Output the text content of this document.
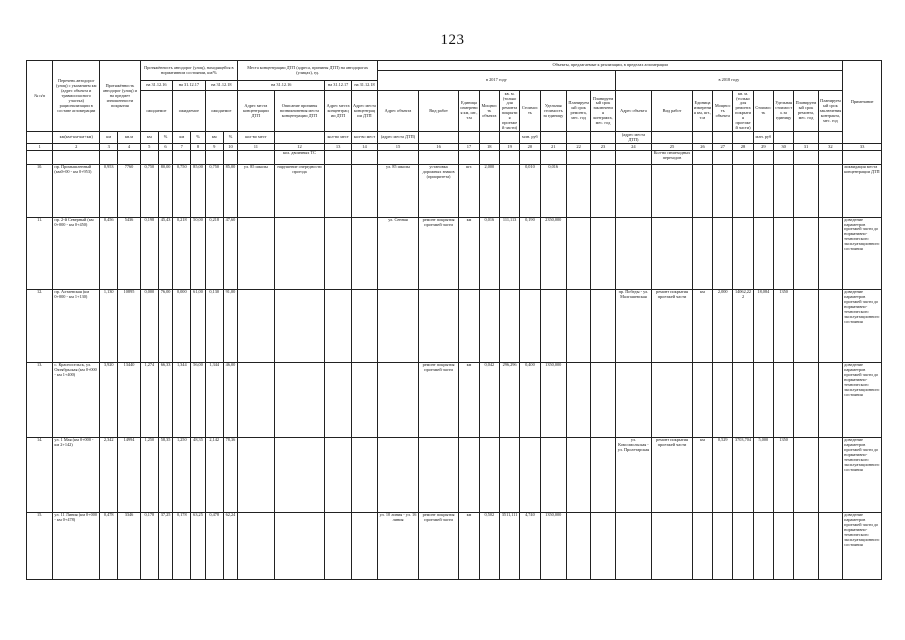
123
№ п/п	Перечень автодорог (улиц) с указанием км (адрес объекта и травмоопасного участка) рационализации в составе агломерации	Протяжённость автодорог (улиц) и на предмет изношенности покрытия		Протяжённость автодорог (улиц), находящейся в нормативном состоянии, км/%						Места концентрации ДТП (адреса, причины ДТП) на автодорогах (улицах), ед.				Объекты, предлагаемые к реализации, в пределах агломерации																		Примечание
														в 2017 году									в 2018 году									
				на 31.12.16		на 31.12.17		на 31.12.18		на 31.12.16		на 31.12.17	на 31.12.18																			
				ожидаемое		ожидаемое		ожидаемое		Адрес места концентрации ДТП	Описание причины возникновения места концентрации ДТП	Адрес места концентрации ДТП	Адрес места концентрации ДТП	Адрес объекта	Вид работ	Единица измерения км, шт., т.м	Мощность объекта	кв. м. (только для ремонта покрытия проезжей части)	Стоимость	Удельная стоимость за единицу	Планируемый срок ремонта, мес. год	Планируемый срок заключения контракта, мес. год	Адрес объекта	Вид работ	Единица измерения км, шт., т.м	Мощность объекта	кв. м. (только для ремонта покрытия проезжей части)	Стоимость	Удельная стоимость за единицу	Планируемый срок ремонта, мес. год	Планируемый срок заключения контракта, мес. год	
	км(км+км-км+км)	км	кв.м	км	%	км	%	км	%	кол-во мест		кол-во мест	кол-во мест	(адрес места ДТП)					млн. руб				(адрес места ДТП)					млн. руб				
1	2	3	4	5	6	7	8	9	10	11	12	13	14	15	16	17	18	19	20	21	22	23	24	25	26	27	28	29	30	31	32	33
											кол. двоичных ТС													Кол-во пешеходных переходов								
10.	пр. Промышленный (км0+00 - км 0+953)	0,953	7760	0,750	80,00	0,750	85,00	0,750	85,00	ул. 85 школы	нарушение очередности проезда			ул. 85 школы	установка дорожных знаков (приоритета)	шт.	2,000		0,010	0,016												ликвидация места концентрации ДТП
11.	пр. 2-й Северный (км 0+000 - км 0+450)	0,456	5436	0,198	45,43	0,218	50,00	0,218	47,60					ул. Сенная	ремонт покрытия проезжей части	км	0,016	111,113	0,190	2350,000												доведение параметров проезжей части до нормативно-технического эксплуатационного состояния
12.	пр. Алтаевская (км 0+000 - км 1+130)	1,130	10895	0,000	76,00	0,000	61,00	0,130	91,00														пр. Победы - ул. Малгашевская	ремонт покрытия проезжей части	км	2,000	14062,222	18,084	1350			доведение параметров проезжей части до нормативно-технического эксплуатационного состояния
13.	с. Красносельск, ул. Октябрьская (км 0+000 - км 1+400)	3,920	13440	1,274	66,33	1,344	56,00	1,344	46,00						ремонт покрытия проезжей части	км	0,042	296,296	0,400	1350,000												доведение параметров проезжей части до нормативно-технического эксплуатационного состояния
14.	ул. 1 Мая (км 0+000 - км 2+142)	2,342	14994	1,250	58,35	1,250	48,35	2,142	78,36														ул. Комсомольская - ул. Пролетарская	ремонт покрытия проезжей части	км	0,529	3703,704	5,000	1350			доведение параметров проезжей части до нормативно-технического эксплуатационного состояния
15.	ул. 11 Линия (км 0+000 - км 0+478)	0,478	3346	0,178	37,25	0,178	63,25	0,478	62,24					ул. 10 линия - ул. 16 линия	ремонт покрытия проезжей части	км	0,502	3511,111	4,740	1350,000												доведение параметров проезжей части до нормативно-технического эксплуатационного состояния
